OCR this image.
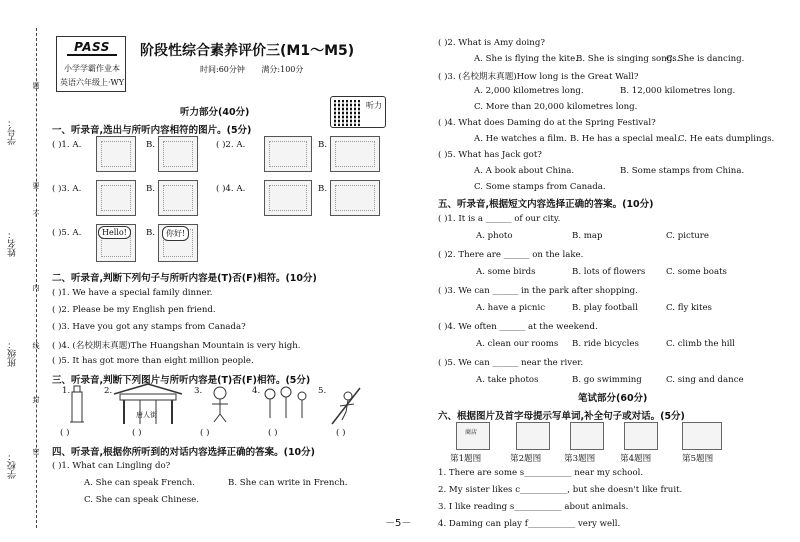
学号：
姓名：
班级：
学校：
题
要
不
内
线
封
密
PASS
小学学霸作业本
英语六年级上·WY
阶段性综合素养评价三(M1～M5)
时间:60分钟 满分:100分
听力部分(40分)
听力
一、听录音,选出与所听内容相符的图片。(5分)
( )1. A.	B.	( )2. A.	B.
( )3. A.	B.	( )4. A.	B.
( )5. A.	Hello!	B.	你好!
二、听录音,判断下列句子与所听内容是(T)否(F)相符。(10分)
( )1. We have a special family dinner.
( )2. Please be my English pen friend.
( )3. Have you got any stamps from Canada?
( )4. (名校期末真题)The Huangshan Mountain is very high.
( )5. It has got more than eight million people.
三、听录音,判断下列图片与所听内容是(T)否(F)相符。(5分)
1.	2.	3.	4.	5.
唐人街
( )	( )	( )	( )	( )
四、听录音,根据你所听到的对话内容选择正确的答案。(10分)
( )1. What can Lingling do?
A. She can speak French.	B. She can write in French.
C. She can speak Chinese.
( )2. What is Amy doing?
A. She is flying the kite.
B. She is singing songs.
C. She is dancing.
( )3. (名校期末真题)How long is the Great Wall?
A. 2,000 kilometres long.	B. 12,000 kilometres long.
C. More than 20,000 kilometres long.
( )4. What does Daming do at the Spring Festival?
A. He watches a film. B. He has a special meal.
C. He eats dumplings.
( )5. What has Jack got?
A. A book about China.	B. Some stamps from China.
C. Some stamps from Canada.
五、听录音,根据短文内容选择正确的答案。(10分)
( )1. It is a ______ of our city.
A. photo	B. map	C. picture
( )2. There are ______ on the lake.
A. some birds	B. lots of flowers C. some boats
( )3. We can ______ in the park after shopping.
A. have a picnic	B. play football	C. fly kites
( )4. We often ______ at the weekend.
A. clean our rooms B. ride bicycles	C. climb the hill
( )5. We can ______ near the river.
A. take photos	B. go swimming	C. sing and dance
笔试部分(60分)
六、根据图片及首字母提示写单词,补全句子或对话。(5分)
商店
第1题图	第2题图	第3题图	第4题图	第5题图
1. There are some s___________ near my school.
2. My sister likes c___________, but she doesn't like fruit.
3. I like reading s___________ about animals.
4. Daming can play f___________ very well.
－5－
